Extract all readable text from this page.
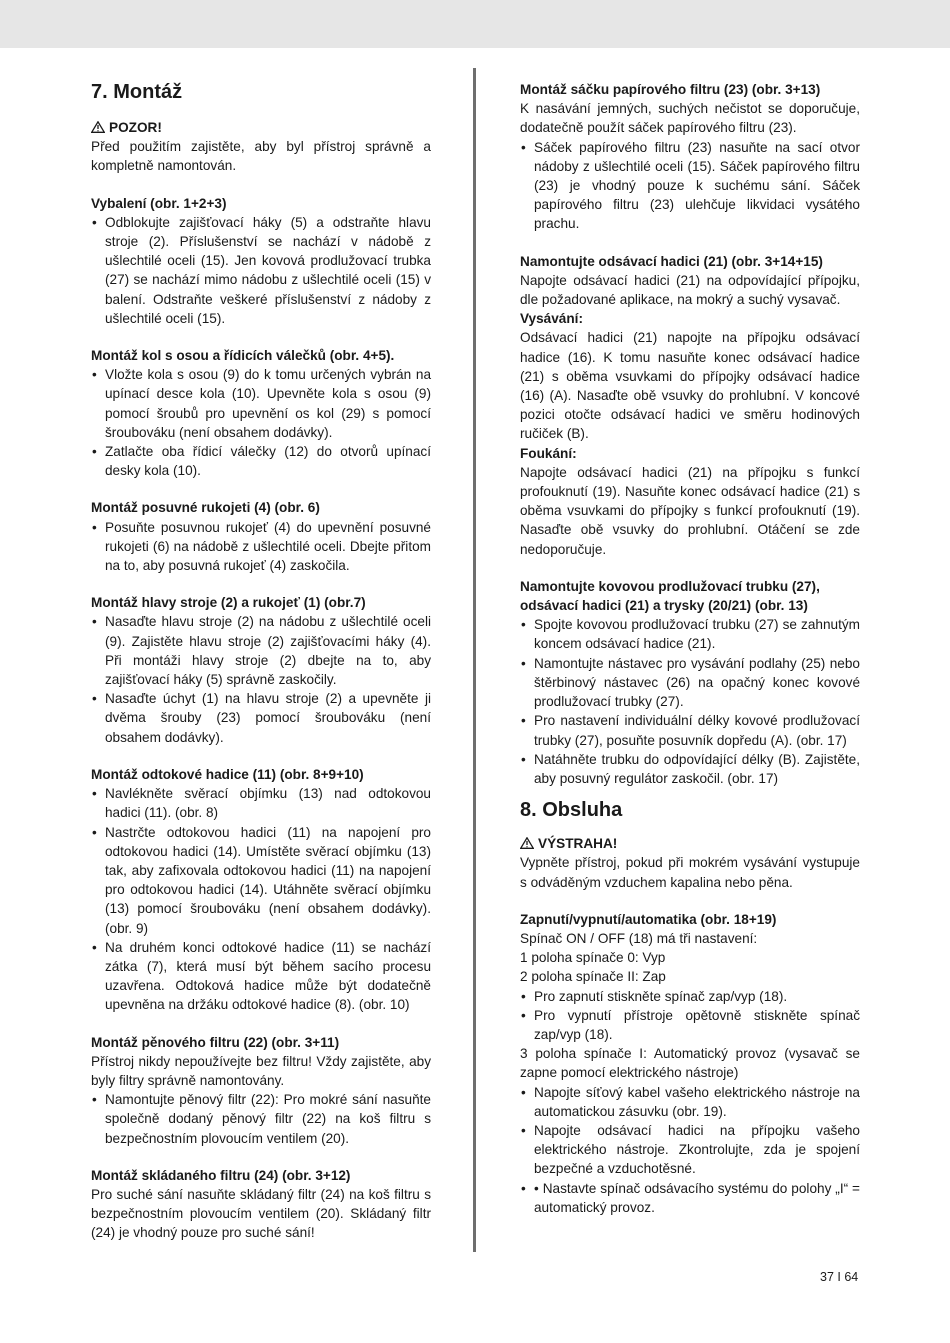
7. Montáž
POZOR!

Před použitím zajistěte, aby byl přístroj správně a kompletně namontován.

Vybalení (obr. 1+2+3)
• Odblokujte zajišťovací háky (5) a odstraňte hlavu stroje (2). Příslušenství se nachází v nádobě z ušlechtilé oceli (15). Jen kovová prodlužovací trubka (27) se nachází mimo nádobu z ušlechtilé oceli (15) v balení. Odstraňte veškeré příslušenství z nádoby z ušlechtilé oceli (15).
Montáž kol s osou a řídicích válečků (obr. 4+5).
• Vložte kola s osou (9) do k tomu určených vybrán na upínací desce kola (10). Upevněte kola s osou (9) pomocí šroubů pro upevnění os kol (29) s pomocí šroubováku (není obsahem dodávky).
• Zatlačte oba řídicí válečky (12) do otvorů upínací desky kola (10).
Montáž posuvné rukojeti (4) (obr. 6)
• Posuňte posuvnou rukojeť (4) do upevnění posuvné rukojeti (6) na nádobě z ušlechtilé oceli. Dbejte přitom na to, aby posuvná rukojeť (4) zaskočila.
Montáž hlavy stroje (2) a rukojeť (1) (obr.7)
• Nasaďte hlavu stroje (2) na nádobu z ušlechtilé oceli (9). Zajistěte hlavu stroje (2) zajišťovacími háky (4). Při montáži hlavy stroje (2) dbejte na to, aby zajišťovací háky (5) správně zaskočily.
• Nasaďte úchyt (1) na hlavu stroje (2) a upevněte ji dvěma šrouby (23) pomocí šroubováku (není obsahem dodávky).
Montáž odtokové hadice (11) (obr. 8+9+10)
• Navlékněte svěrací objímku (13) nad odtokovou hadici (11). (obr. 8)
• Nastrčte odtokovou hadici (11) na napojení pro odtokovou hadici (14). Umístěte svěrací objímku (13) tak, aby zafixovala odtokovou hadici (11) na napojení pro odtokovou hadici (14). Utáhněte svěrací objímku (13) pomocí šroubováku (není obsahem dodávky). (obr. 9)
• Na druhém konci odtokové hadice (11) se nachází zátka (7), která musí být během sacího procesu uzavřena. Odtoková hadice může být dodatečně upevněna na držáku odtokové hadice (8). (obr. 10)
Montáž pěnového filtru (22) (obr. 3+11)

Přístroj nikdy nepoužívejte bez filtru! Vždy zajistěte, aby byly filtry správně namontovány.

• Namontujte pěnový filtr (22): Pro mokré sání nasuňte společně dodaný pěnový filtr (22) na koš filtru s bezpečnostním plovoucím ventilem (20).
Montáž skládaného filtru (24) (obr. 3+12)

Pro suché sání nasuňte skládaný filtr (24) na koš filtru s bezpečnostním plovoucím ventilem (20). Skládaný filtr (24) je vhodný pouze pro suché sání!

Montáž sáčku papírového filtru (23) (obr. 3+13)

K nasávání jemných, suchých nečistot se doporučuje, dodatečně použít sáček papírového filtru (23).

• Sáček papírového filtru (23) nasuňte na sací otvor nádoby z ušlechtilé oceli (15). Sáček papírového filtru (23) je vhodný pouze k suchému sání. Sáček papírového filtru (23) ulehčuje likvidaci vysátého prachu.
Namontujte odsávací hadici (21) (obr. 3+14+15)

Napojte odsávací hadici (21) na odpovídající přípojku, dle požadované aplikace, na mokrý a suchý vysavač.

Vysávání:

Odsávací hadici (21) napojte na přípojku odsávací hadice (16). K tomu nasuňte konec odsávací hadice (21) s oběma vsuvkami do přípojky odsávací hadice (16) (A). Nasaďte obě vsuvky do prohlubní. V koncové pozici otočte odsávací hadici ve směru hodinových ručiček (B).

Foukání:

Napojte odsávací hadici (21) na přípojku s funkcí profouknutí (19). Nasuňte konec odsávací hadice (21) s oběma vsuvkami do přípojky s funkcí profouknutí (19). Nasaďte obě vsuvky do prohlubní. Otáčení se zde nedoporučuje.

Namontujte kovovou prodlužovací trubku (27), odsávací hadici (21) a trysky (20/21) (obr. 13)
• Spojte kovovou prodlužovací trubku (27) se zahnutým koncem odsávací hadice (21).
• Namontujte nástavec pro vysávání podlahy (25) nebo štěrbinový nástavec (26) na opačný konec kovové prodlužovací trubky (27).
• Pro nastavení individuální délky kovové prodlužovací trubky (27), posuňte posuvník dopředu (A). (obr. 17)
• Natáhněte trubku do odpovídající délky (B). Zajistěte, aby posuvný regulátor zaskočil. (obr. 17)
8. Obsluha
VÝSTRAHA!

Vypněte přístroj, pokud při mokrém vysávání vystupuje s odváděným vzduchem kapalina nebo pěna.

Zapnutí/vypnutí/automatika (obr. 18+19)

Spínač ON / OFF (18) má tři nastavení:

1 poloha spínače 0: Vyp

2 poloha spínače II: Zap

• Pro zapnutí stiskněte spínač zap/vyp (18).
• Pro vypnutí přístroje opětovně stiskněte spínač zap/vyp (18).

3 poloha spínače I: Automatický provoz (vysavač se zapne pomocí elektrického nástroje)

• Napojte síťový kabel vašeho elektrického nástroje na automatickou zásuvku (obr. 19).
• Napojte odsávací hadici na přípojku vašeho elektrického nástroje. Zkontrolujte, zda je spojení bezpečné a vzduchotěsné.
• • Nastavte spínač odsávacího systému do polohy „I“ = automatický provoz.
37 I 64
